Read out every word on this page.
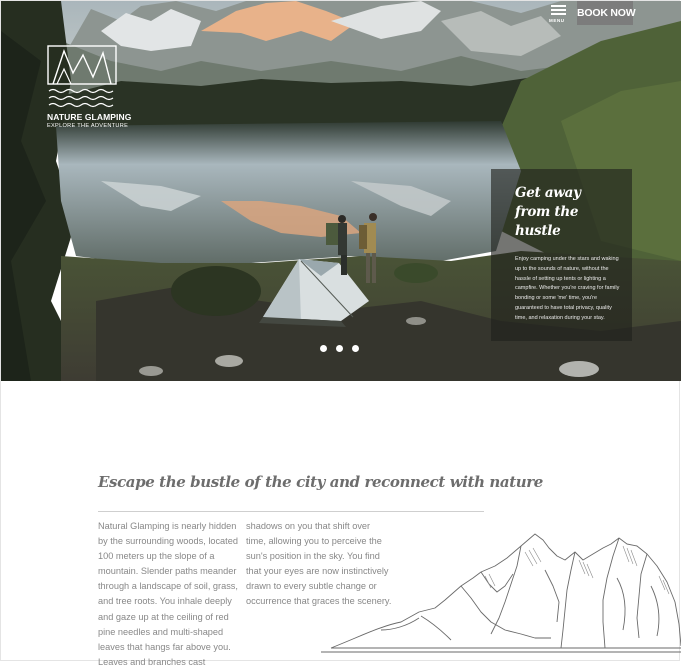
NATURE GLAMPING
EXPLORE THE ADVENTURE
MENU
BOOK NOW
Get away from the hustle
Enjoy camping under the stars and waking up to the sounds of nature, without the hassle of setting up tents or lighting a campfire. Whether you're craving for family bonding or some 'me' time, you're guaranteed to have total privacy, quality time, and relaxation during your stay.
Escape the bustle of the city and reconnect with nature

Natural Glamping is nearly hidden by the surrounding woods, located 100 meters up the slope of a mountain. Slender paths meander through a landscape of soil, grass, and tree roots. You inhale deeply and gaze up at the ceiling of red pine needles and multi-shaped leaves that hangs far above you. Leaves and branches cast

shadows on you that shift over time, allowing you to perceive the sun's position in the sky. You find that your eyes are now instinctively drawn to every subtle change or occurrence that graces the scenery.
